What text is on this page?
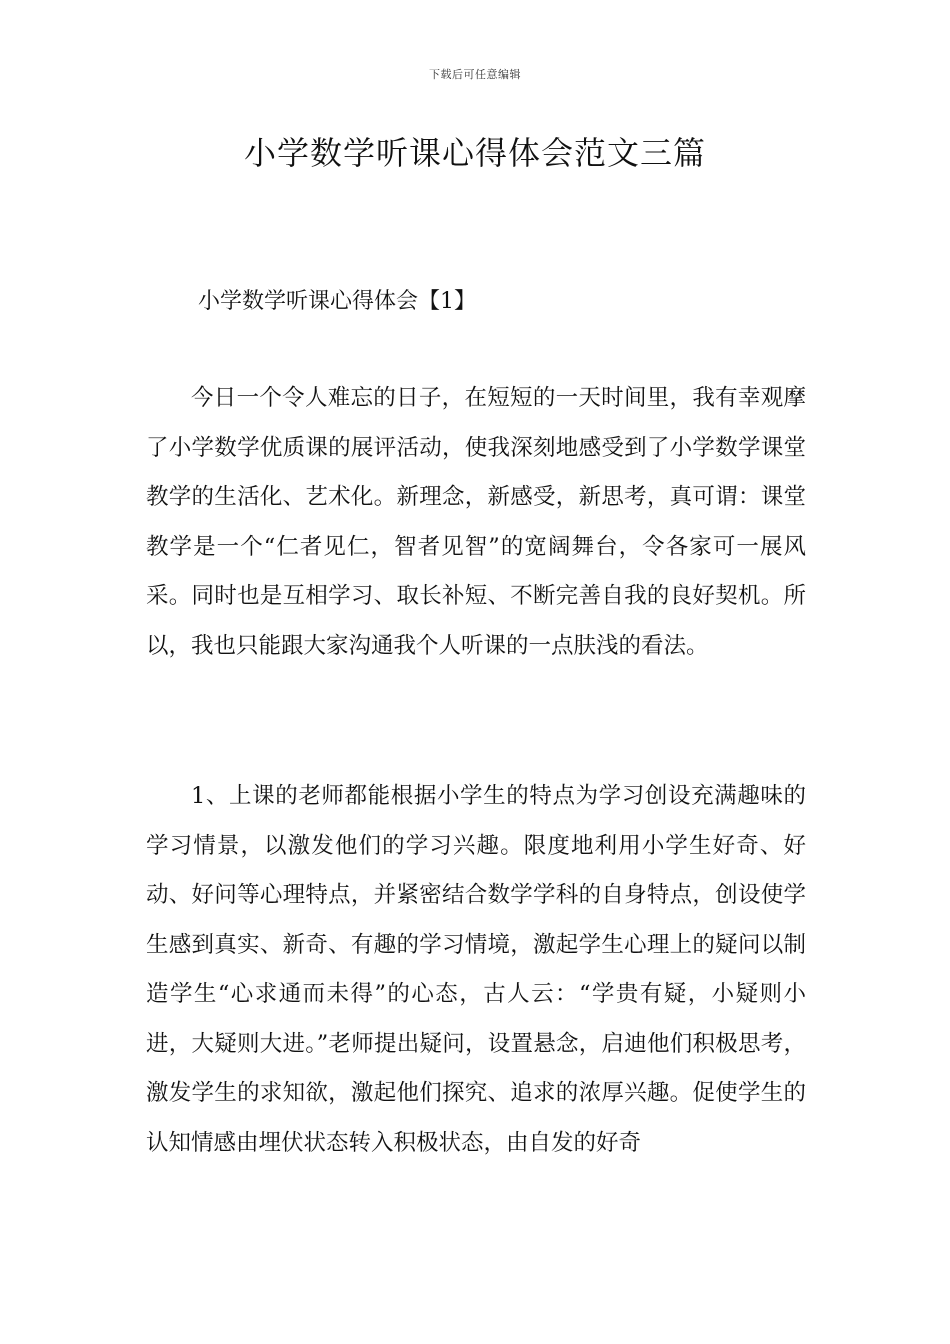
下载后可任意编辑
小学数学听课心得体会范文三篇
小学数学听课心得体会【1】

今日一个令人难忘的日子，在短短的一天时间里，我有幸观摩了小学数学优质课的展评活动，使我深刻地感受到了小学数学课堂教学的生活化、艺术化。新理念，新感受，新思考，真可谓：课堂教学是一个“仁者见仁，智者见智”的宽阔舞台，令各家可一展风采。同时也是互相学习、取长补短、不断完善自我的良好契机。所以，我也只能跟大家沟通我个人听课的一点肤浅的看法。

1、上课的老师都能根据小学生的特点为学习创设充满趣味的学习情景，以激发他们的学习兴趣。限度地利用小学生好奇、好动、好问等心理特点，并紧密结合数学学科的自身特点，创设使学生感到真实、新奇、有趣的学习情境，激起学生心理上的疑问以制造学生“心求通而未得”的心态，古人云：“学贵有疑，小疑则小进，大疑则大进。”老师提出疑问，设置悬念，启迪他们积极思考，激发学生的求知欲，激起他们探究、追求的浓厚兴趣。促使学生的认知情感由埋伏状态转入积极状态，由自发的好奇
